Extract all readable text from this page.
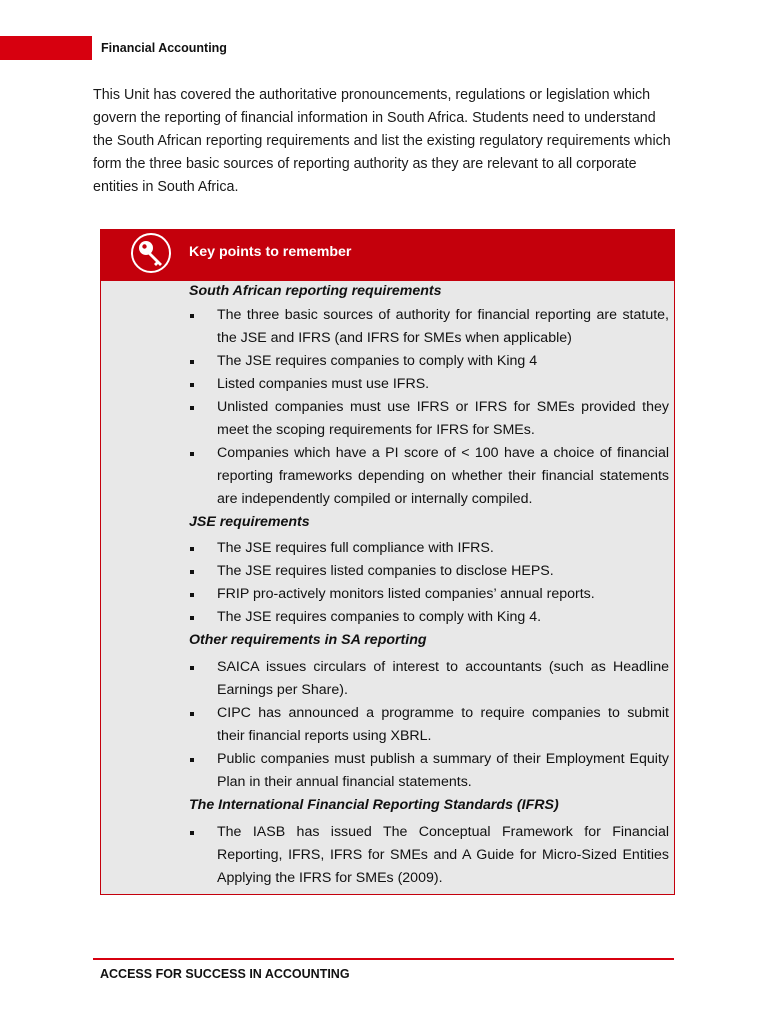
Financial Accounting

This Unit has covered the authoritative pronouncements, regulations or legislation which

govern the reporting of financial information in South Africa. Students need to understand

the South African reporting requirements and list the existing regulatory requirements which

form the three basic sources of reporting authority as they are relevant to all corporate

entities in South Africa.

Key points to remember

South African reporting requirements

The three basic sources of authority for financial reporting are statute, the JSE and IFRS (and IFRS for SMEs when applicable)
The JSE requires companies to comply with King 4
Listed companies must use IFRS.
Unlisted companies must use IFRS or IFRS for SMEs provided they meet the scoping requirements for IFRS for SMEs.
Companies which have a PI score of < 100 have a choice of financial reporting frameworks depending on whether their financial statements are independently compiled or internally compiled.

JSE requirements

The JSE requires full compliance with IFRS.
The JSE requires listed companies to disclose HEPS.
FRIP pro-actively monitors listed companies’ annual reports.
The JSE requires companies to comply with King 4.

Other requirements in SA reporting

SAICA issues circulars of interest to accountants (such as Headline Earnings per Share).
CIPC has announced a programme to require companies to submit their financial reports using XBRL.
Public companies must publish a summary of their Employment Equity Plan in their annual financial statements.

The International Financial Reporting Standards (IFRS)

The IASB has issued The Conceptual Framework for Financial Reporting, IFRS, IFRS for SMEs and A Guide for Micro-Sized Entities Applying the IFRS for SMEs (2009).
ACCESS FOR SUCCESS IN ACCOUNTING
